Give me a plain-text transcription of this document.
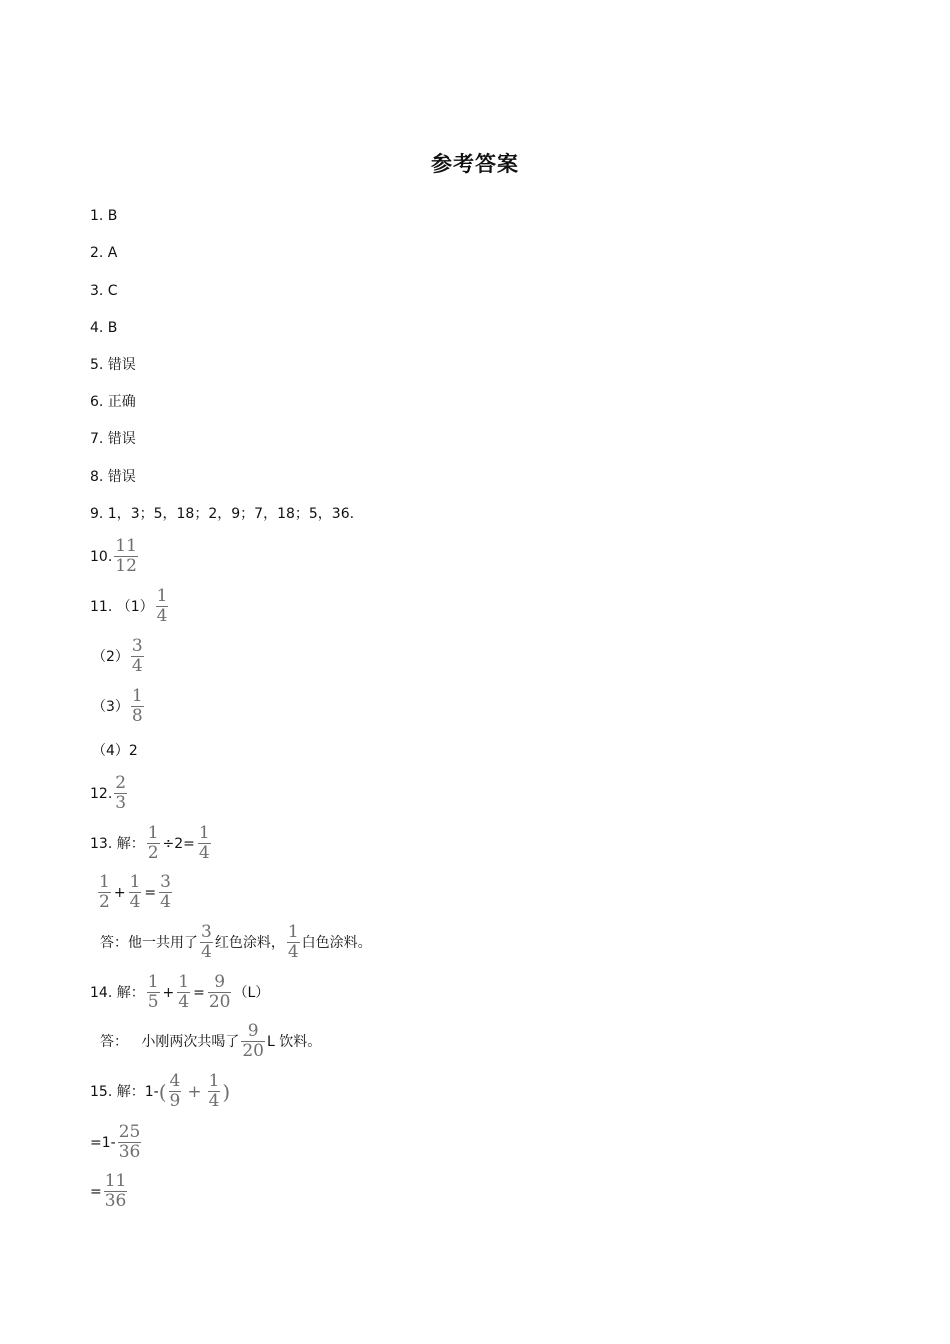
参考答案
1. B
2. A
3. C
4. B
5. 错误
6. 正确
7. 错误
8. 错误
9. 1，3；5，18；2，9；7，18；5，36.
10. $\frac{11}{12}$
11. $(1) \frac{1}{4}$
$(2) \frac{3}{4}$
$(3) \frac{1}{8}$
（4）2
12. $\frac{2}{3}$
13. 解： $\frac{1}{2} \div 2= \frac{1}{4}$
$\frac{1}{2} + \frac{1}{4} = \frac{3}{4}$
答：他一共用了 $\frac{3}{4}$ 红色涂料， $\frac{1}{4}$ 白色涂料。
14. 解： $\frac{1}{5} + \frac{1}{4} = \frac{9}{20} (L)$
答：   小刚两次共喝了 $\frac{9}{20}$ L 饮料。
15. 解：1- ( $\frac{4}{9} + \frac{1}{4}$ )
$=1- \frac{25}{36}$
= $\frac{11}{36}$
